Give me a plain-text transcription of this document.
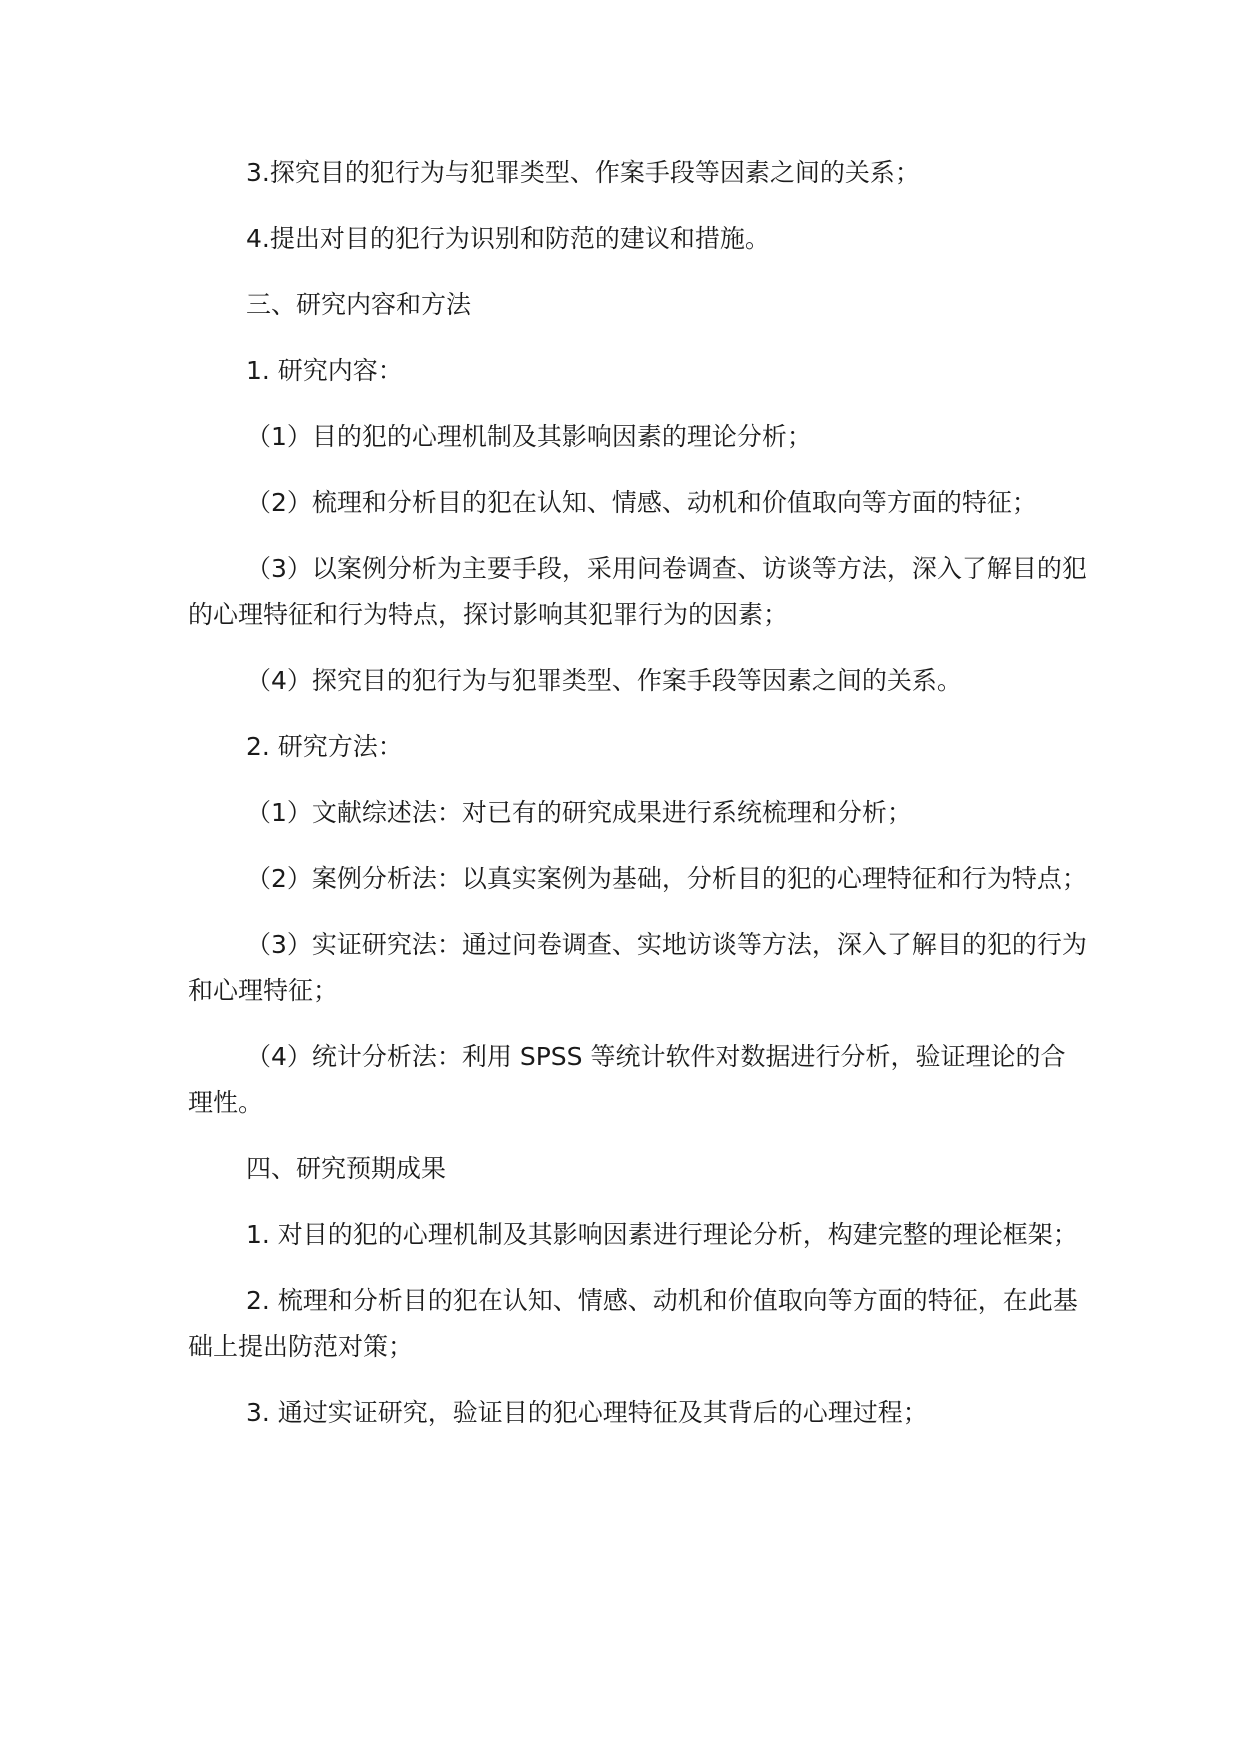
3.探究目的犯行为与犯罪类型、作案手段等因素之间的关系；

4.提出对目的犯行为识别和防范的建议和措施。

三、研究内容和方法

1. 研究内容：

（1）目的犯的心理机制及其影响因素的理论分析；

（2）梳理和分析目的犯在认知、情感、动机和价值取向等方面的特征；

（3）以案例分析为主要手段，采用问卷调查、访谈等方法，深入了解目的犯的心理特征和行为特点，探讨影响其犯罪行为的因素；

（4）探究目的犯行为与犯罪类型、作案手段等因素之间的关系。

2. 研究方法：

（1）文献综述法：对已有的研究成果进行系统梳理和分析；

（2）案例分析法：以真实案例为基础，分析目的犯的心理特征和行为特点；

（3）实证研究法：通过问卷调查、实地访谈等方法，深入了解目的犯的行为和心理特征；

（4）统计分析法：利用 SPSS 等统计软件对数据进行分析，验证理论的合理性。

四、研究预期成果

1. 对目的犯的心理机制及其影响因素进行理论分析，构建完整的理论框架；

2. 梳理和分析目的犯在认知、情感、动机和价值取向等方面的特征，在此基础上提出防范对策；

3. 通过实证研究，验证目的犯心理特征及其背后的心理过程；
